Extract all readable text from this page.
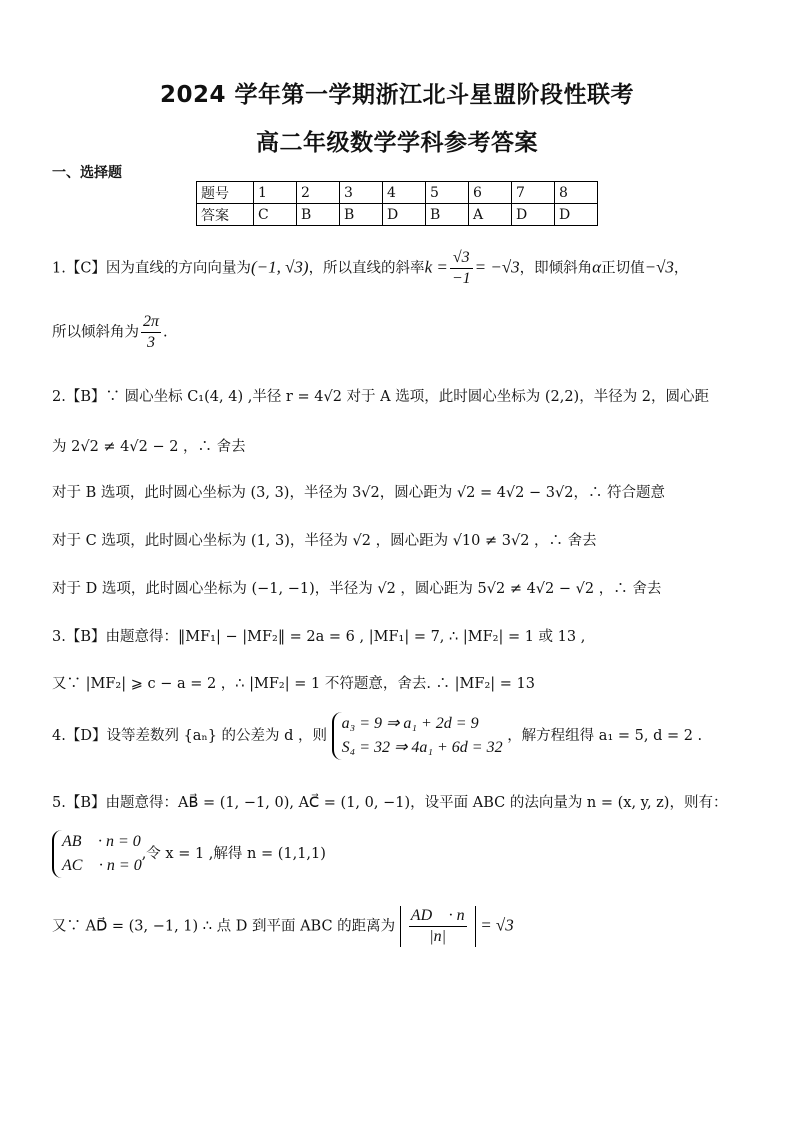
2024 学年第一学期浙江北斗星盟阶段性联考
高二年级数学学科参考答案
一、选择题
题号	1	2	3	4	5	6	7	8
答案	C	B	B	D	B	A	D	D
1.【C】因为直线的方向向量为(−1, √3)，所以直线的斜率$k = \frac{√3}{-1} = -√3$，即倾斜角α正切值−√3，
所以倾斜角为 $\frac{2\pi}{3}$ .
2.【B】∵ 圆心坐标 C₁(4, 4) ,半径 r = 4√2 对于 A 选项，此时圆心坐标为 (2,2)，半径为 2，圆心距
为 2√2 ≠ 4√2 − 2 ，∴ 舍去
对于 B 选项，此时圆心坐标为 (3, 3)，半径为 3√2，圆心距为 √2 = 4√2 − 3√2，∴ 符合题意
对于 C 选项，此时圆心坐标为 (1, 3)，半径为 √2 ，圆心距为 √10 ≠ 3√2 ，∴ 舍去
对于 D 选项，此时圆心坐标为 (−1, −1)，半径为 √2 ，圆心距为 5√2 ≠ 4√2 − √2 ，∴ 舍去
3.【B】由题意得：‖MF₁| − |MF₂‖ = 2a = 6 , |MF₁| = 7, ∴ |MF₂| = 1 或 13 ,
又∵ |MF₂| ⩾ c − a = 2 ，∴ |MF₂| = 1 不符题意，舍去. ∴ |MF₂| = 13
4.【D】设等差数列 {aₙ} 的公差为 d ，则
a₃ = 9 ⇒ a₁ + 2d = 9
S₄ = 32 ⇒ 4a₁ + 6d = 32
，解方程组得 a₁ = 5, d = 2 .
5.【B】由题意得：AB⃗ = (1, −1, 0), AC⃗ = (1, 0, −1)，设平面 ABC 的法向量为 n = (x, y, z)，则有：
AB⃗ · n = 0
AC⃗ · n = 0
,令 x = 1 ,解得 n = (1,1,1)
又∵ AD⃗ = (3, −1, 1) ∴ 点 D 到平面 ABC 的距离为 $\frac{AD⃗ \cdot n}{|n|} = √3$
